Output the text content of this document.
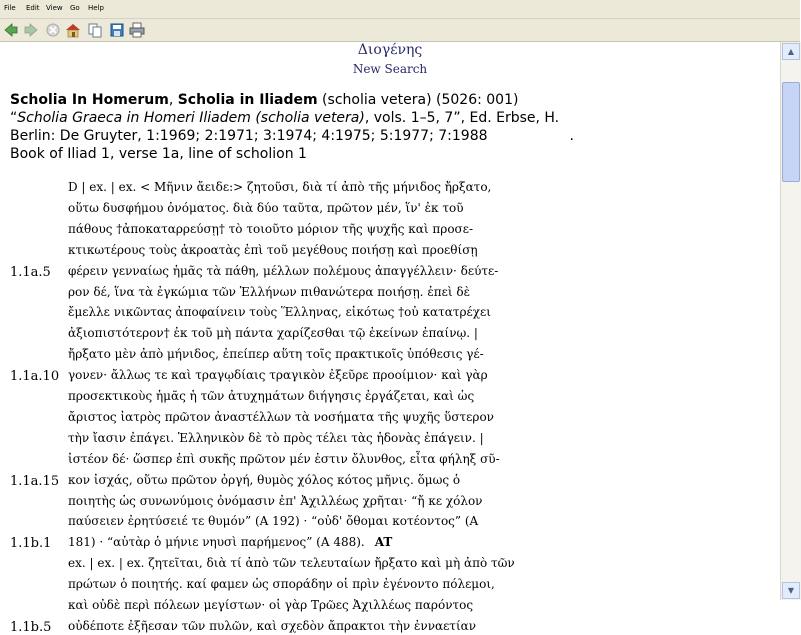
File Edit View Go Help
Διογένης
New Search
Scholia In Homerum, Scholia in Iliadem (scholia vetera) (5026: 001)
“Scholia Graeca in Homeri Iliadem (scholia vetera), vols. 1–5, 7”, Ed. Erbse, H.
Berlin: De Gruyter, 1:1969; 2:1971; 3:1974; 4:1975; 5:1977; 7:1988	.
Book of Iliad 1, verse 1a, line of scholion 1
D | ex. | ex. < Μῆνιν ἄειδε:> ζητοῦσι, διὰ τί ἀπὸ τῆς μήνιδος ἤρξατο,
οὕτω δυσφήμου ὀνόματος. διὰ δύο ταῦτα, πρῶτον μέν, ἵν' ἐκ τοῦ
πάθους †ἀποκαταρρεύσῃ† τὸ τοιοῦτο μόριον τῆς ψυχῆς καὶ προσε-
κτικωτέρους τοὺς ἀκροατὰς ἐπὶ τοῦ μεγέθους ποιήσῃ καὶ προεθίσῃ
1.1a.5 φέρειν γενναίως ἡμᾶς τὰ πάθη, μέλλων πολέμους ἀπαγγέλλειν· δεύτε-
ρον δέ, ἵνα τὰ ἐγκώμια τῶν Ἑλλήνων πιθανώτερα ποιήσῃ. ἐπεὶ δὲ
ἔμελλε νικῶντας ἀποφαίνειν τοὺς Ἕλληνας, εἰκότως †οὐ κατατρέχει
ἀξιοπιστότερον† ἐκ τοῦ μὴ πάντα χαρίζεσθαι τῷ ἐκείνων ἐπαίνῳ. |
ἤρξατο μὲν ἀπὸ μήνιδος, ἐπείπερ αὕτη τοῖς πρακτικοῖς ὑπόθεσις γέ-
1.1a.10 γονεν· ἄλλως τε καὶ τραγῳδίαις τραγικὸν ἐξεῦρε προοίμιον· καὶ γὰρ
προσεκτικοὺς ἡμᾶς ἡ τῶν ἀτυχημάτων διήγησις ἐργάζεται, καὶ ὡς
ἄριστος ἰατρὸς πρῶτον ἀναστέλλων τὰ νοσήματα τῆς ψυχῆς ὕστερον
τὴν ἴασιν ἐπάγει. Ἑλληνικὸν δὲ τὸ πρὸς τέλει τὰς ἡδονὰς ἐπάγειν. |
ἰστέον δέ· ὥσπερ ἐπὶ συκῆς πρῶτον μέν ἐστιν ὄλυνθος, εἶτα φήληξ σῦ-
1.1a.15 κον ἰσχάς, οὕτω πρῶτον ὀργή, θυμὸς χόλος κότος μῆνις. ὅμως ὁ
ποιητὴς ὡς συνωνύμοις ὀνόμασιν ἐπ' Ἀχιλλέως χρῆται· “ἤ κε χόλον
παύσειεν ἐρητύσειέ τε θυμόν” (Α 192) · “οὐδ' ὄθομαι κοτέοντος” (Α
1.1b.1 181) · “αὐτὰρ ὁ μήνιε νηυσὶ παρήμενος” (Α 488). AT
ex. | ex. | ex. ζητεῖται, διὰ τί ἀπὸ τῶν τελευταίων ἤρξατο καὶ μὴ ἀπὸ τῶν
πρώτων ὁ ποιητής. καί φαμεν ὡς σποράδην οἱ πρὶν ἐγένοντο πόλεμοι,
καὶ οὐδὲ περὶ πόλεων μεγίστων· οἱ γὰρ Τρῶες Ἀχιλλέως παρόντος
1.1b.5 οὐδέποτε ἐξῆεσαν τῶν πυλῶν, καὶ σχεδὸν ἄπρακτοι τὴν ἐνναετίαν
▲
▼
